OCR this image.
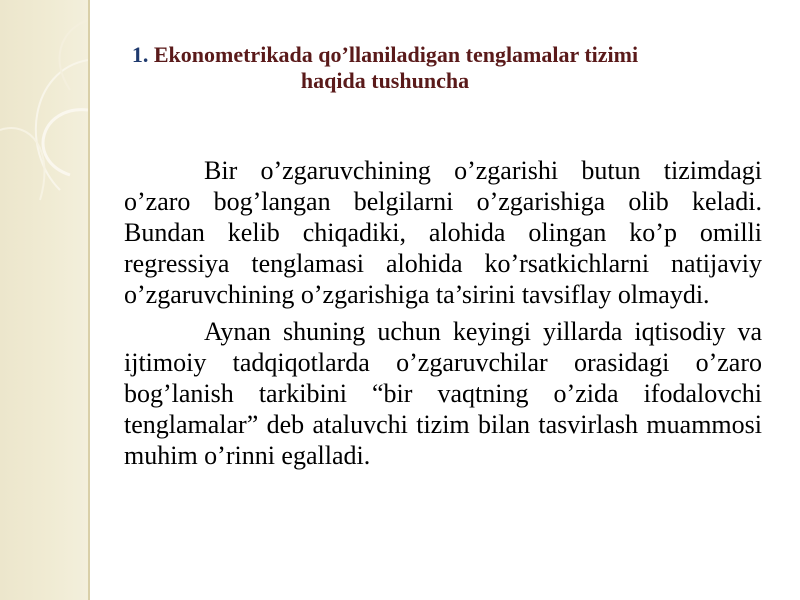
1. Ekonometrikada qo’llaniladigan tenglamalar tizimi haqida tushuncha

Bir o’zgaruvchining o’zgarishi butun tizimdagi o’zaro bog’langan belgilarni o’zgarishiga olib keladi. Bundan kelib chiqadiki, alohida olingan ko’p omilli regressiya tenglamasi alohida ko’rsatkichlarni natijaviy o’zgaruvchining o’zgarishiga ta’sirini tavsiflay olmaydi.

Aynan shuning uchun keyingi yillarda iqtisodiy va ijtimoiy tadqiqotlarda o’zgaruvchilar orasidagi o’zaro bog’lanish tarkibini “bir vaqtning o’zida ifodalovchi tenglamalar” deb ataluvchi tizim bilan tasvirlash muammosi muhim o’rinni egalladi.
